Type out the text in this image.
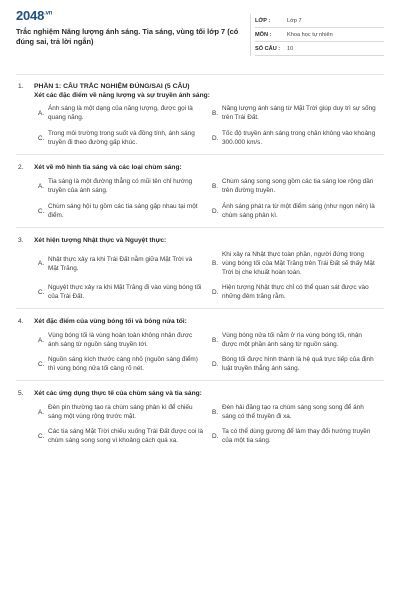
$2048^{.vn}$
Trắc nghiệm Năng lượng ánh sáng. Tia sáng, vùng tối lớp 7 (có đúng sai, trả lời ngắn)
LỚP :	Lớp 7
MÔN :	Khoa học tự nhiên
SỐ CÂU :	10
1. PHẦN 1: CÂU TRẮC NGHIỆM ĐÚNG/SAI (5 CÂU)
Xét các đặc điểm về năng lượng và sự truyền ánh sáng:
A.
Ánh sáng là một dạng của năng lượng, được gọi là quang năng.
B.
Năng lượng ánh sáng từ Mặt Trời giúp duy trì sự sống trên Trái Đất.
C.
Trong môi trường trong suốt và đồng tính, ánh sáng truyền đi theo đường gấp khúc.
D.
Tốc độ truyền ánh sáng trong chân không vào khoảng 300.000 km/s.
2. Xét về mô hình tia sáng và các loại chùm sáng:
A.
Tia sáng là một đường thẳng có mũi tên chỉ hướng truyền của ánh sáng.
B.
Chùm sáng song song gồm các tia sáng loe rộng dần trên đường truyền.
C.
Chùm sáng hội tụ gồm các tia sáng gặp nhau tại một điểm.
D.
Ánh sáng phát ra từ một điểm sáng (như ngọn nến) là chùm sáng phân kì.
3. Xét hiện tượng Nhật thực và Nguyệt thực:
A.
Nhật thực xảy ra khi Trái Đất nằm giữa Mặt Trời và Mặt Trăng.
B.
Khi xảy ra Nhật thực toàn phần, người đứng trong vùng bóng tối của Mặt Trăng trên Trái Đất sẽ thấy Mặt Trời bị che khuất hoàn toàn.
C.
Nguyệt thực xảy ra khi Mặt Trăng đi vào vùng bóng tối của Trái Đất.
D.
Hiện tượng Nhật thực chỉ có thể quan sát được vào những đêm trăng rằm.
4. Xét đặc điểm của vùng bóng tối và bóng nửa tối:
A.
Vùng bóng tối là vùng hoàn toàn không nhận được ánh sáng từ nguồn sáng truyền tới.
B.
Vùng bóng nửa tối nằm ở rìa vùng bóng tối, nhận được một phần ánh sáng từ nguồn sáng.
C.
Nguồn sáng kích thước càng nhỏ (nguồn sáng điểm) thì vùng bóng nửa tối càng rõ nét.
D.
Bóng tối được hình thành là hệ quả trực tiếp của định luật truyền thẳng ánh sáng.
5. Xét các ứng dụng thực tế của chùm sáng và tia sáng:
A.
Đèn pin thường tạo ra chùm sáng phân kì để chiếu sáng một vùng rộng trước mặt.
B.
Đèn hải đăng tạo ra chùm sáng song song để ánh sáng có thể truyền đi xa.
C.
Các tia sáng Mặt Trời chiếu xuống Trái Đất được coi là chùm sáng song song vì khoảng cách quá xa.
D.
Ta có thể dùng gương để làm thay đổi hướng truyền của một tia sáng.
